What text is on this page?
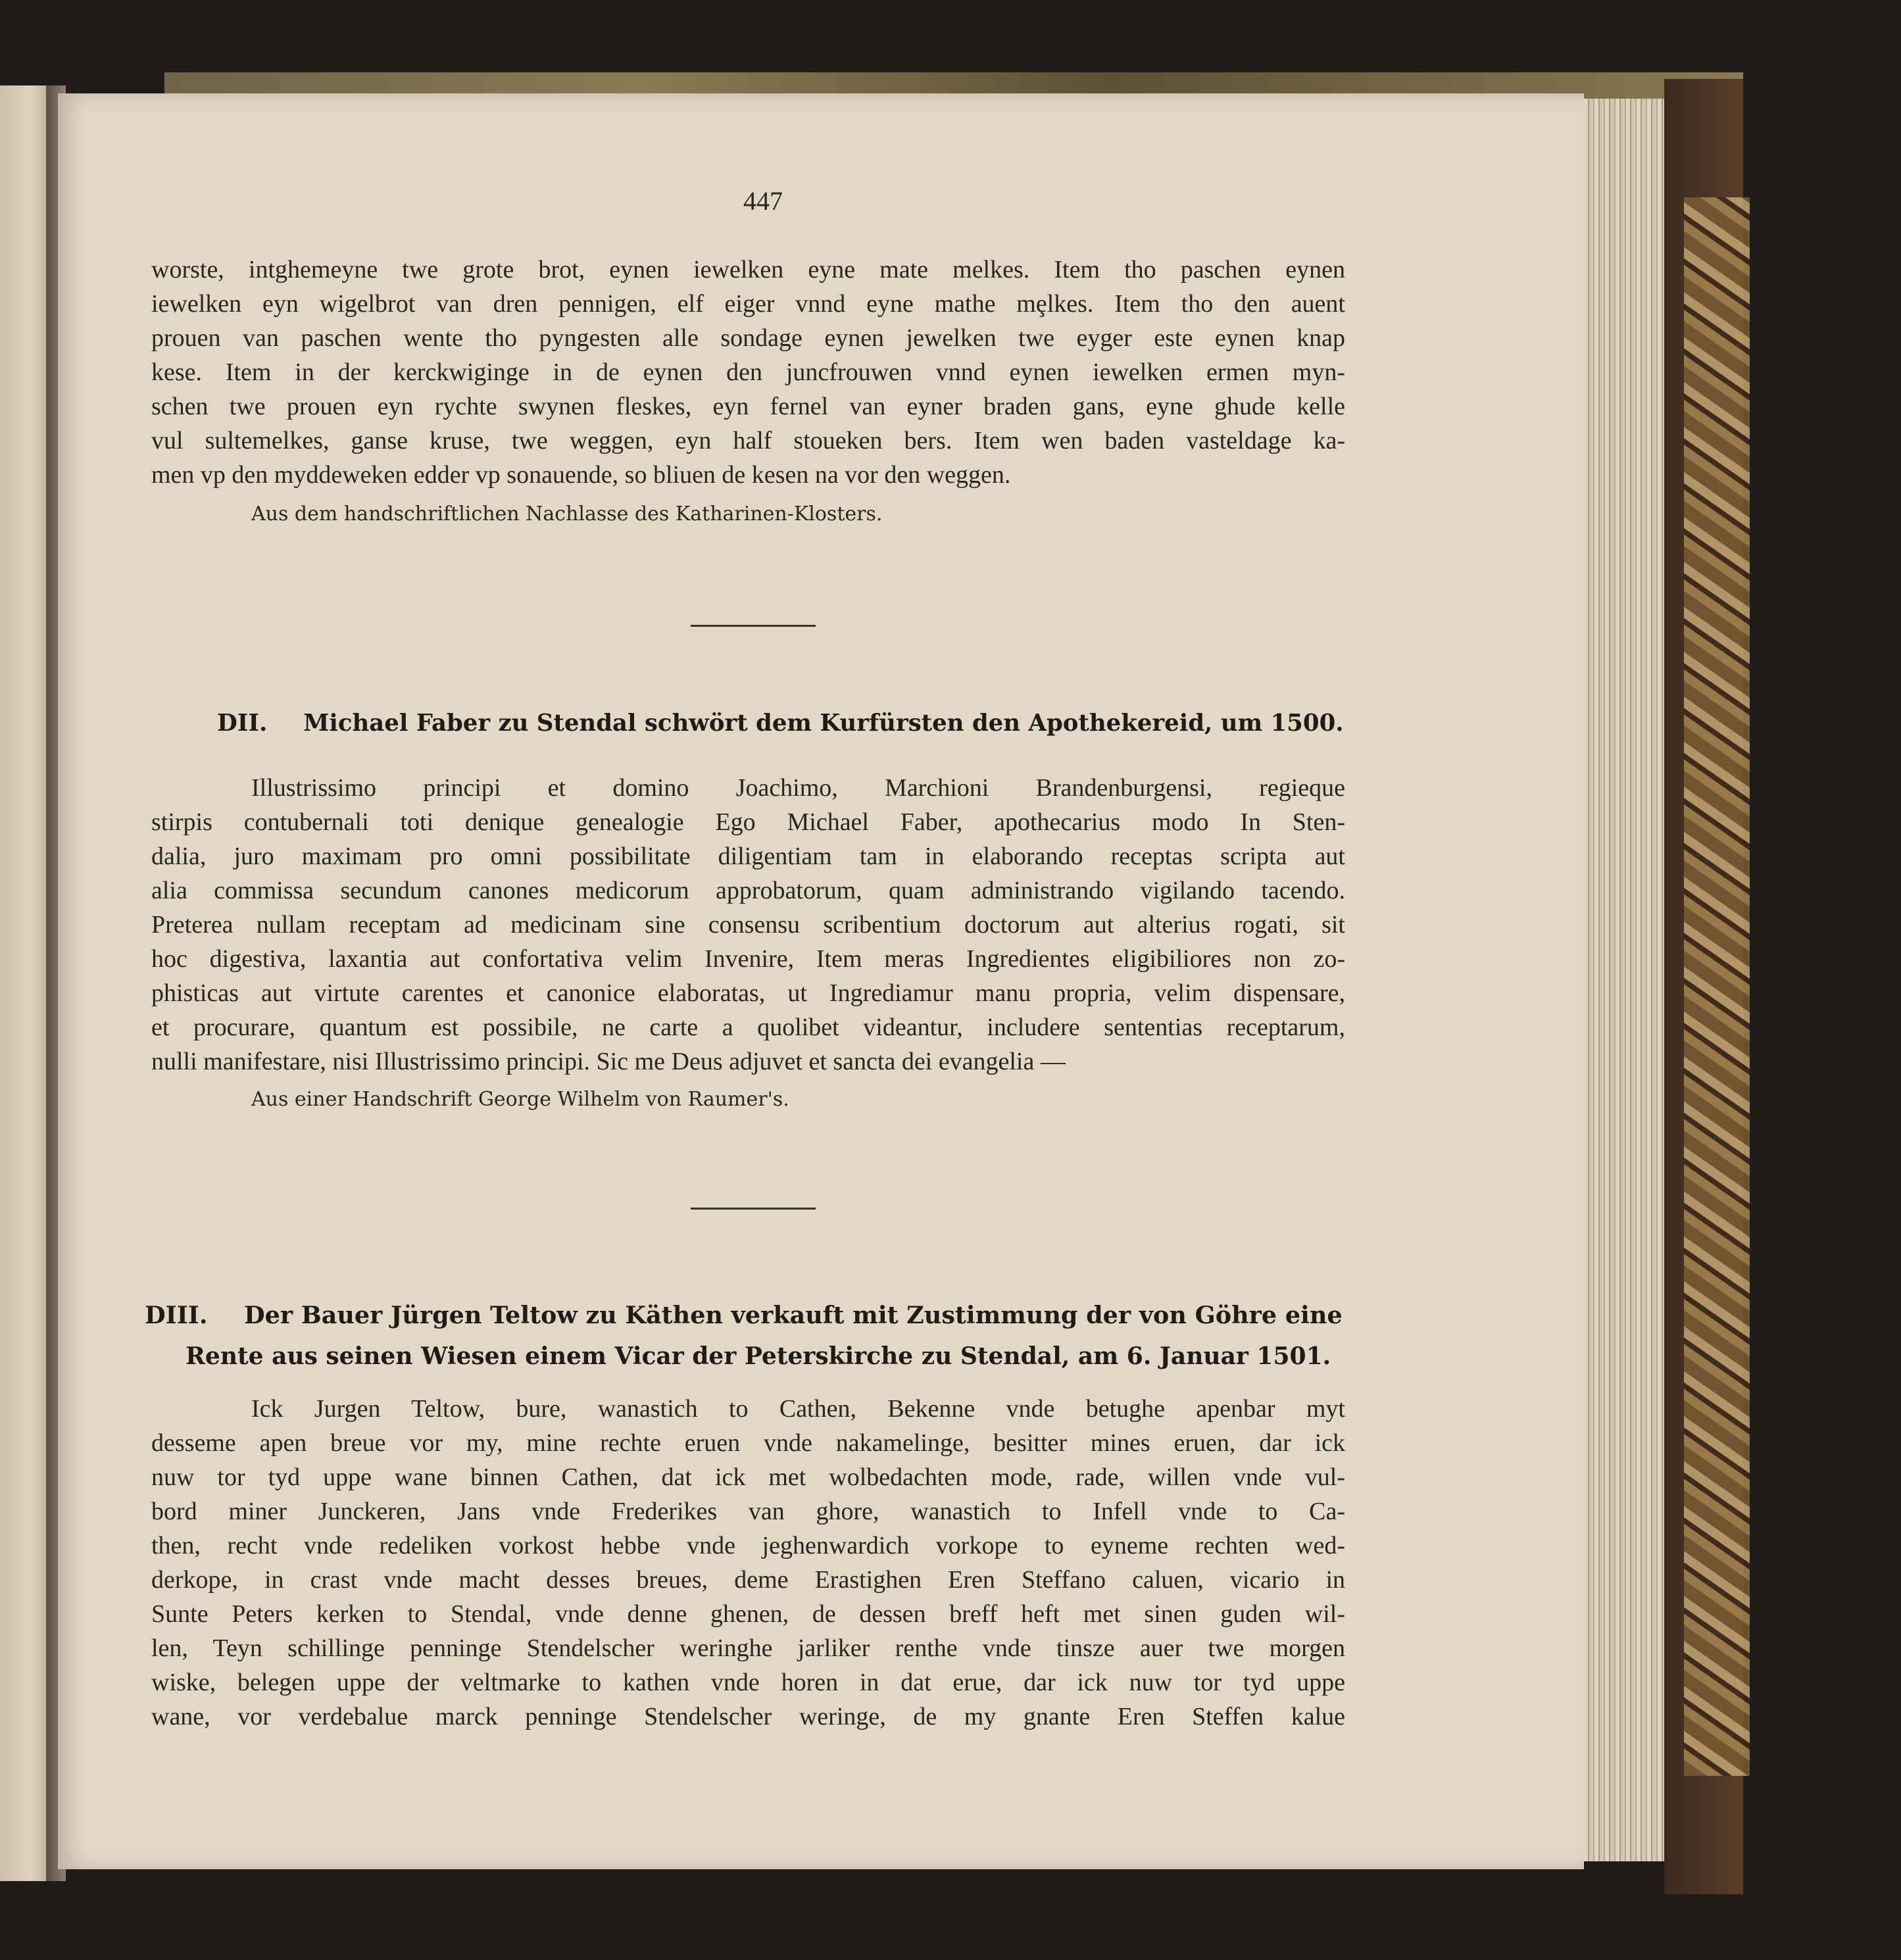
447
worste, intghemeyne twe grote brot, eynen iewelken eyne mate melkes. Item tho paschen eynen
iewelken eyn wigelbrot van dren pennigen, elf eiger vnnd eyne mathe mȩlkes. Item tho den auent
prouen van paschen wente tho pyngesten alle sondage eynen jewelken twe eyger este eynen knap
kese. Item in der kerckwiginge in de eynen den juncfrouwen vnnd eynen iewelken ermen myn-
schen twe prouen eyn rychte swynen fleskes, eyn fernel van eyner braden gans, eyne ghude kelle
vul sultemelkes, ganse kruse, twe weggen, eyn half stoueken bers. Item wen baden vasteldage ka-
men vp den myddeweken edder vp sonauende, so bliuen de kesen na vor den weggen.
Aus dem handschriftlichen Nachlasse des Katharinen-Klosters.
DII. Michael Faber zu Stendal schwört dem Kurfürsten den Apothekereid, um 1500.
Illustrissimo principi et domino Joachimo, Marchioni Brandenburgensi, regieque
stirpis contubernali toti denique genealogie Ego Michael Faber, apothecarius modo In Sten-
dalia, juro maximam pro omni possibilitate diligentiam tam in elaborando receptas scripta aut
alia commissa secundum canones medicorum approbatorum, quam administrando vigilando tacendo.
Preterea nullam receptam ad medicinam sine consensu scribentium doctorum aut alterius rogati, sit
hoc digestiva, laxantia aut confortativa velim Invenire, Item meras Ingredientes eligibiliores non zo-
phisticas aut virtute carentes et canonice elaboratas, ut Ingrediamur manu propria, velim dispensare,
et procurare, quantum est possibile, ne carte a quolibet videantur, includere sententias receptarum,
nulli manifestare, nisi Illustrissimo principi. Sic me Deus adjuvet et sancta dei evangelia —
Aus einer Handschrift George Wilhelm von Raumer's.
DIII. Der Bauer Jürgen Teltow zu Käthen verkauft mit Zustimmung der von Göhre eine
Rente aus seinen Wiesen einem Vicar der Peterskirche zu Stendal, am 6. Januar 1501.
Ick Jurgen Teltow, bure, wanastich to Cathen, Bekenne vnde betughe apenbar myt
desseme apen breue vor my, mine rechte eruen vnde nakamelinge, besitter mines eruen, dar ick
nuw tor tyd uppe wane binnen Cathen, dat ick met wolbedachten mode, rade, willen vnde vul-
bord miner Junckeren, Jans vnde Frederikes van ghore, wanastich to Infell vnde to Ca-
then, recht vnde redeliken vorkost hebbe vnde jeghenwardich vorkope to eyneme rechten wed-
derkope, in crast vnde macht desses breues, deme Erastighen Eren Steffano caluen, vicario in
Sunte Peters kerken to Stendal, vnde denne ghenen, de dessen breff heft met sinen guden wil-
len, Teyn schillinge penninge Stendelscher weringhe jarliker renthe vnde tinsze auer twe morgen
wiske, belegen uppe der veltmarke to kathen vnde horen in dat erue, dar ick nuw tor tyd uppe
wane, vor verdebalue marck penninge Stendelscher weringe, de my gnante Eren Steffen kalue
